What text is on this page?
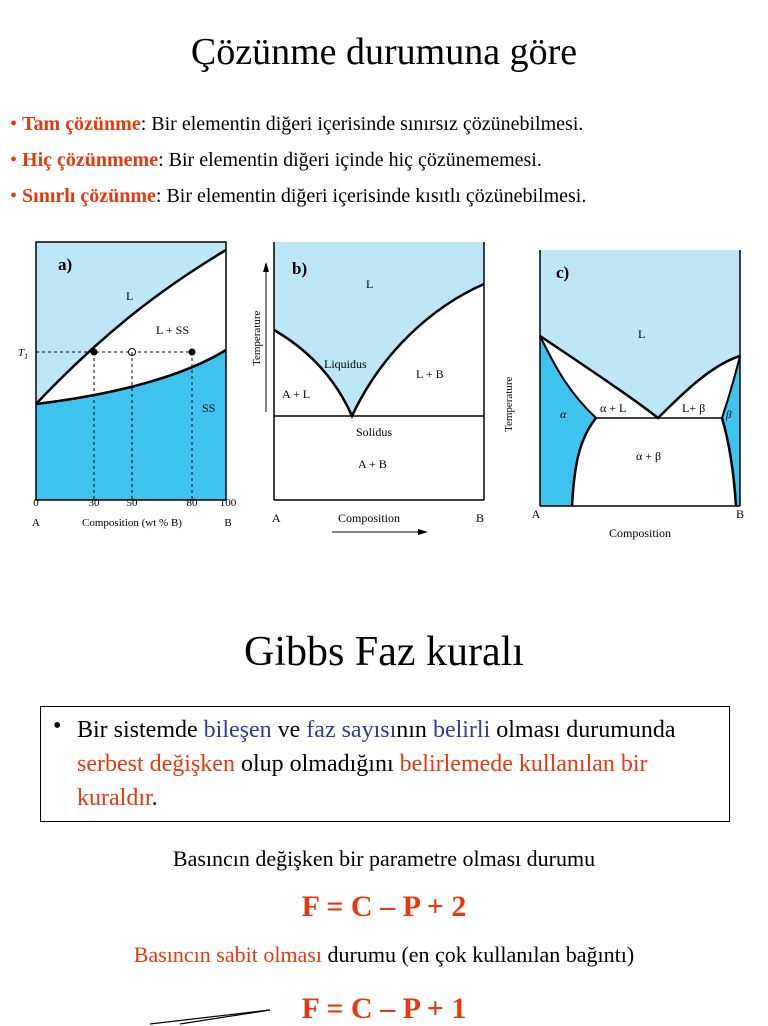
Çözünme durumuna göre
• Tam çözünme: Bir elementin diğeri içerisinde sınırsız çözünebilmesi.
• Hiç çözünmeme: Bir elementin diğeri içinde hiç çözünememesi.
• Sınırlı çözünme: Bir elementin diğeri içerisinde kısıtlı çözünebilmesi.
a)
L
L + SS
SS
$T_1$
0	30 50	80 100
A	Composition (wt % B)	B
b)
L
Liquidus
A + L
L + B
Solidus
A + B
A	Composition	B
Temperature
c)
L
α	α + L	L+ β β
α + β
A
Composition
B
Temperature
Gibbs Faz kuralı
• Bir sistemde bileşen ve faz sayısının belirli olması durumunda serbest değişken olup olmadığını belirlemede kullanılan bir kuraldır.
Basıncın değişken bir parametre olması durumu
F = C – P + 2
Basıncın sabit olması durumu (en çok kullanılan bağıntı)
F = C – P + 1
